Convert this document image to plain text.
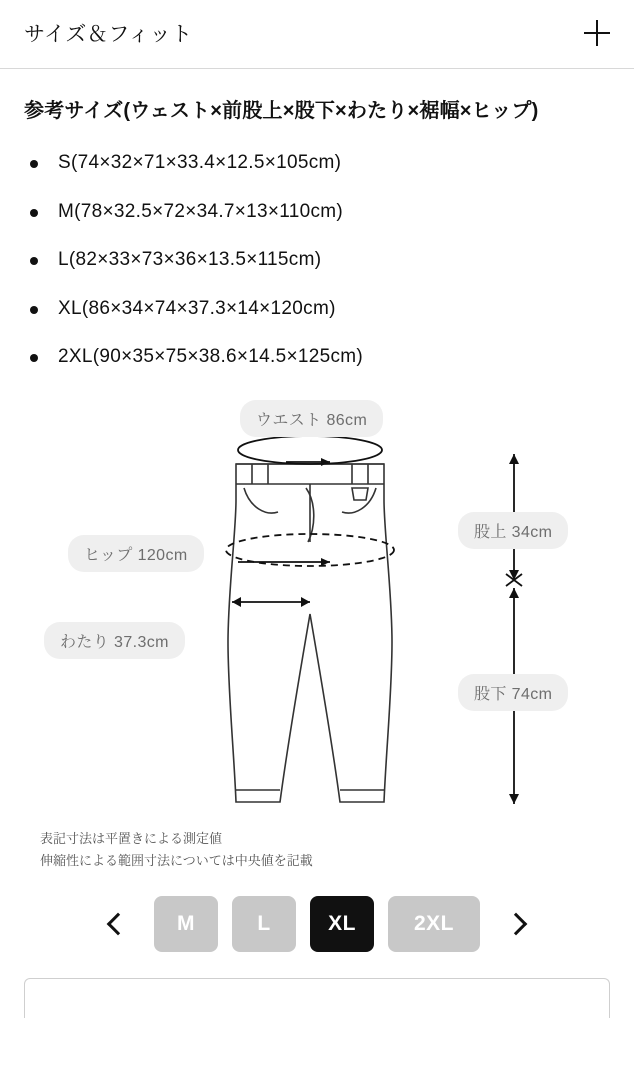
サイズ＆フィット
参考サイズ(ウェスト×前股上×股下×わたり×裾幅×ヒップ)
S(74×32×71×33.4×12.5×105cm)
M(78×32.5×72×34.7×13×110cm)
L(82×33×73×36×13.5×115cm)
XL(86×34×74×37.3×14×120cm)
2XL(90×35×75×38.6×14.5×125cm)
ウエスト 86cm
ヒップ 120cm
わたり 37.3cm
股上 34cm
股下 74cm
表記寸法は平置きによる測定値
伸縮性による範囲寸法については中央値を記載
M	L	XL	2XL
